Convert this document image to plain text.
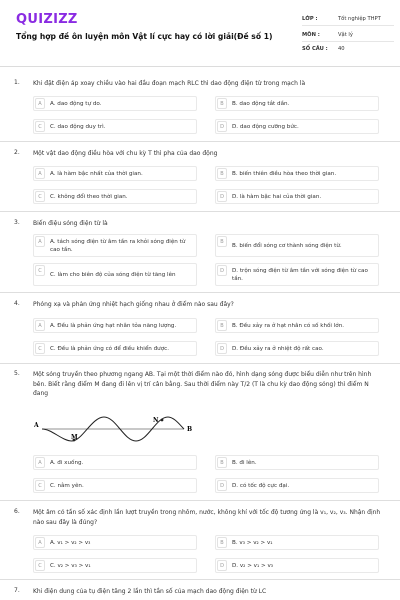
QUIZIZZ
Tổng hợp đề ôn luyện môn Vật lí cực hay có lời giải(Đề số 1)
LỚP :	Tốt nghiệp THPT
MÔN :	Vật lý
SỐ CÂU :	40
1. Khi đặt điện áp xoay chiều vào hai đầu đoạn mạch RLC thì dao động điện từ trong mạch là
A	A. dao động tự do.	B	B. dao động tắt dần.
C	C. dao động duy trì.	D	D. dao động cưỡng bức.
2. Một vật dao động điều hòa với chu kỳ T thì pha của dao động
A	A. là hàm bậc nhất của thời gian.	B	B. biến thiên điều hòa theo thời gian.
C	C. không đổi theo thời gian.	D	D. là hàm bậc hai của thời gian.
3. Biến điệu sóng điện từ là
A	A. tách sóng điện từ âm tần ra khỏi sóng điện từ cao tần.
B
B. biến đổi sóng cơ thành sóng điện từ.
C
C. làm cho biên độ của sóng điện từ tăng lên
D	D. trộn sóng điện từ âm tần với sóng điện từ cao tần.
4. Phóng xạ và phản ứng nhiệt hạch giống nhau ở điểm nào sau đây?
A	A. Đều là phản ứng hạt nhân tỏa năng lượng.	B	B. Đều xảy ra ở hạt nhân có số khối lớn.
C	C. Đều là phản ứng có để điều khiển được.	D	D. Đều xảy ra ở nhiệt độ rất cao.
5. Một sóng truyền theo phương ngang AB. Tại một thời điểm nào đó, hình dạng sóng được biểu diễn như trên hình bên. Biết rằng điểm M đang đi lên vị trí cân bằng. Sau thời điểm này T/2 (T là chu kỳ dao động sóng) thì điểm N đang
A
M
N
B
A	A. đi xuống.	B	B. đi lên.
C	C. nằm yên.	D	D. có tốc độ cực đại.
6. Một âm có tần số xác định lần lượt truyền trong nhôm, nước, không khí với tốc độ tương ứng là v₁, v₂, v₃. Nhận định nào sau đây là đúng?
A	A. v₁ > v₂ > v₃	B	B. v₃ > v₂ > v₁
C	C. v₂ > v₃ > v₁	D	D. v₂ > v₁ > v₃
7. Khi điện dung của tụ điện tăng 2 lần thì tần số của mạch dao động điện từ LC
